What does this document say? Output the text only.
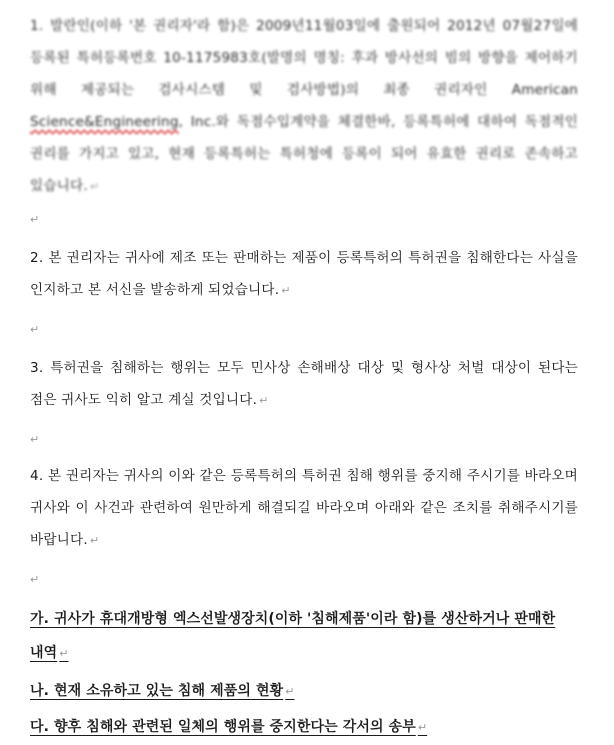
1. 발란인(이하 '본 권리자'라 함)은 2009년11월03일에 출원되어 2012년 07월27일에 등록된 특허등록번호 10-1175983호(발명의 명칭: 후과 방사선의 빔의 방향을 제어하기 위해 제공되는 검사시스템 및 검사방법)의 최종 권리자인 American Science&Engineering, Inc.와 독점수입계약을 체결한바, 등록특허에 대하여 독점적인 권리를 가지고 있고, 현재 등록특허는 특허청에 등록이 되어 유효한 권리로 존속하고 있습니다. ↵
↵
2. 본 권리자는 귀사에 제조 또는 판매하는 제품이 등록특허의 특허권을 침해한다는 사실을 인지하고 본 서신을 발송하게 되었습니다. ↵
↵
3. 특허권을 침해하는 행위는 모두 민사상 손해배상 대상 및 형사상 처벌 대상이 된다는 점은 귀사도 익히 알고 계실 것입니다. ↵
↵
4. 본 권리자는 귀사의 이와 같은 등록특허의 특허권 침해 행위를 중지해 주시기를 바라오며 귀사와 이 사건과 관련하여 원만하게 해결되길 바라오며 아래와 같은 조치를 취해주시기를 바랍니다. ↵
↵
가. 귀사가 휴대개방형 엑스선발생장치(이하 '침해제품'이라 함)를 생산하거나 판매한 내역 ↵
나. 현재 소유하고 있는 침해 제품의 현황 ↵
다. 향후 침해와 관련된 일체의 행위를 중지한다는 각서의 송부 ↵
